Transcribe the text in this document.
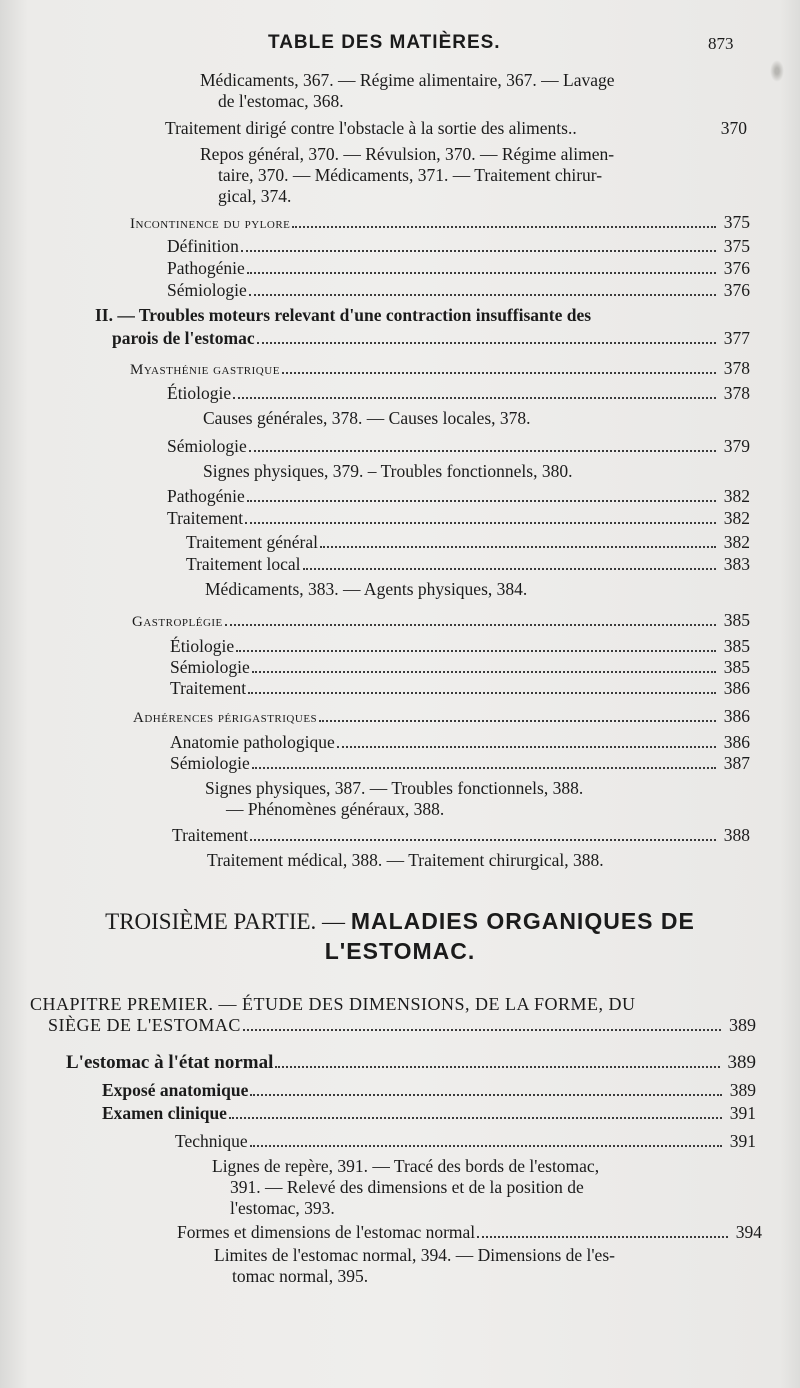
TABLE DES MATIÈRES.	873
Médicaments, 367. — Régime alimentaire, 367. — Lavage
de l'estomac, 368.
Traitement dirigé contre l'obstacle à la sortie des aliments..	370
Repos général, 370. — Révulsion, 370. — Régime alimen-
taire, 370. — Médicaments, 371. — Traitement chirur-
gical, 374.
Incontinence du pylore	375
Définition	375
Pathogénie	376
Sémiologie	376
II. — Troubles moteurs relevant d'une contraction insuffisante des
parois de l'estomac	377
Myasthénie gastrique	378
Étiologie	378
Causes générales, 378. — Causes locales, 378.
Sémiologie	379
Signes physiques, 379. – Troubles fonctionnels, 380.
Pathogénie	382
Traitement	382
Traitement général	382
Traitement local	383
Médicaments, 383. — Agents physiques, 384.
Gastroplégie	385
Étiologie	385
Sémiologie	385
Traitement	386
Adhérences périgastriques	386
Anatomie pathologique	386
Sémiologie	387
Signes physiques, 387. — Troubles fonctionnels, 388.
— Phénomènes généraux, 388.
Traitement	388
Traitement médical, 388. — Traitement chirurgical, 388.
TROISIÈME PARTIE. — MALADIES ORGANIQUES DE
L'ESTOMAC.
CHAPITRE PREMIER. — ÉTUDE DES DIMENSIONS, DE LA FORME, DU
SIÈGE DE L'ESTOMAC	389
L'estomac à l'état normal	389
Exposé anatomique	389
Examen clinique	391
Technique	391
Lignes de repère, 391. — Tracé des bords de l'estomac,
391. — Relevé des dimensions et de la position de
l'estomac, 393.
Formes et dimensions de l'estomac normal	394
Limites de l'estomac normal, 394. — Dimensions de l'es-
tomac normal, 395.
